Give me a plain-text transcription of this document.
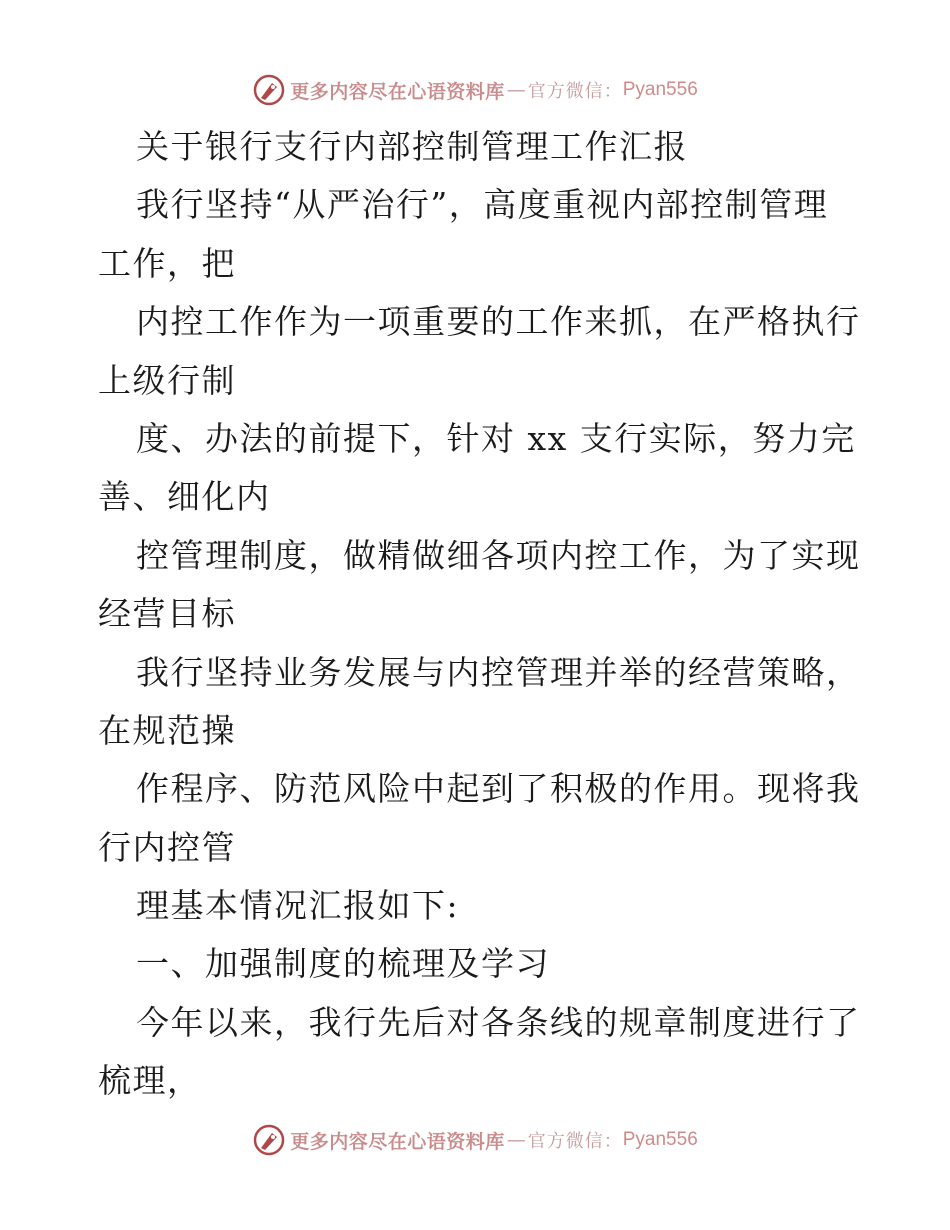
更多内容尽在心语资料库 — 官方微信： Pyan556
关于银行支行内部控制管理工作汇报
我行坚持“从严治行”，高度重视内部控制管理
工作，把
内控工作作为一项重要的工作来抓，在严格执行
上级行制
度、办法的前提下，针对 xx 支行实际，努力完
善、细化内
控管理制度，做精做细各项内控工作，为了实现
经营目标
我行坚持业务发展与内控管理并举的经营策略，
在规范操
作程序、防范风险中起到了积极的作用。现将我
行内控管
理基本情况汇报如下:
一、加强制度的梳理及学习
今年以来，我行先后对各条线的规章制度进行了
梳理，
更多内容尽在心语资料库 — 官方微信： Pyan556
